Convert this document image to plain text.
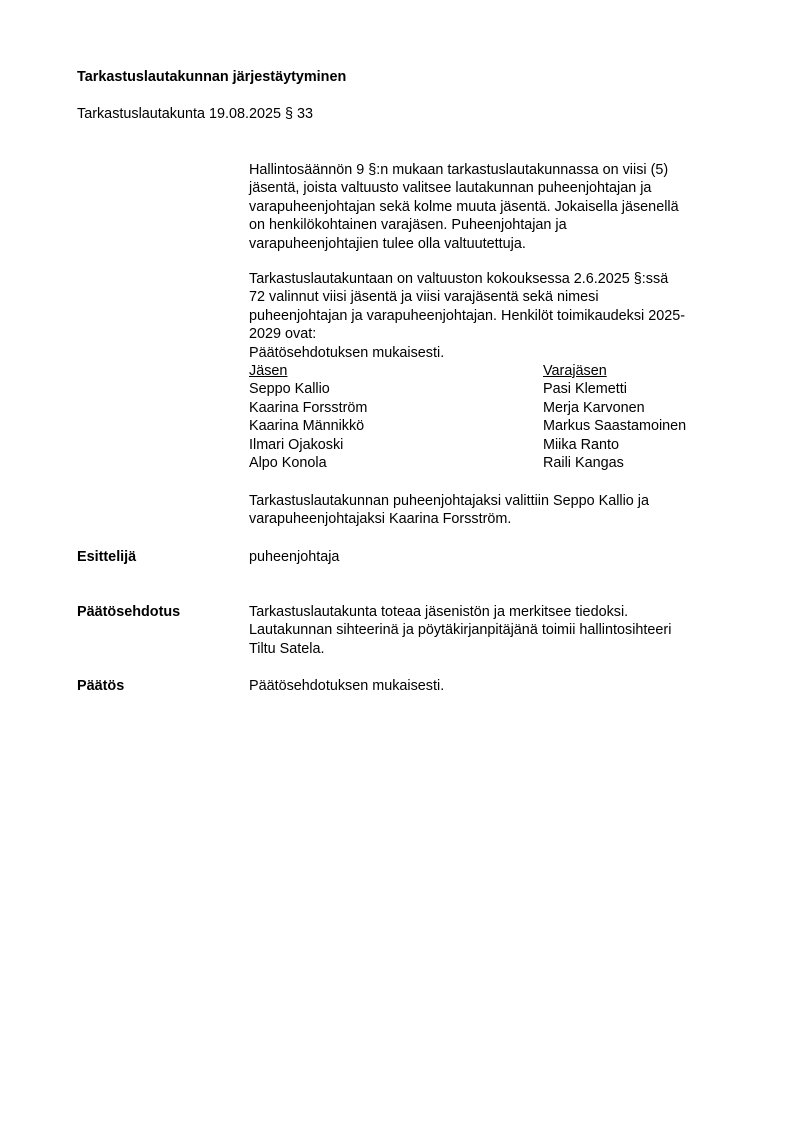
Tarkastuslautakunnan järjestäytyminen
Tarkastuslautakunta 19.08.2025 § 33
Hallintosäännön 9 §:n mukaan tarkastuslautakunnassa on viisi (5)
jäsentä, joista valtuusto valitsee lautakunnan puheenjohtajan ja
varapuheenjohtajan sekä kolme muuta jäsentä. Jokaisella jäsenellä
on henkilökohtainen varajäsen. Puheenjohtajan ja
varapuheenjohtajien tulee olla valtuutettuja.
Tarkastuslautakuntaan on valtuuston kokouksessa 2.6.2025 §:ssä
72 valinnut viisi jäsentä ja viisi varajäsentä sekä nimesi
puheenjohtajan ja varapuheenjohtajan. Henkilöt toimikaudeksi 2025-
2029 ovat:
Päätösehdotuksen mukaisesti.
Jäsen	Varajäsen
Seppo Kallio	Pasi Klemetti
Kaarina Forsström	Merja Karvonen
Kaarina Männikkö	Markus Saastamoinen
Ilmari Ojakoski	Miika Ranto
Alpo Konola	Raili Kangas
Tarkastuslautakunnan puheenjohtajaksi valittiin Seppo Kallio ja
varapuheenjohtajaksi Kaarina Forsström.
Esittelijä	puheenjohtaja
Päätösehdotus	Tarkastuslautakunta toteaa jäsenistön ja merkitsee tiedoksi.
Lautakunnan sihteerinä ja pöytäkirjanpitäjänä toimii hallintosihteeri
Tiltu Satela.
Päätös	Päätösehdotuksen mukaisesti.
